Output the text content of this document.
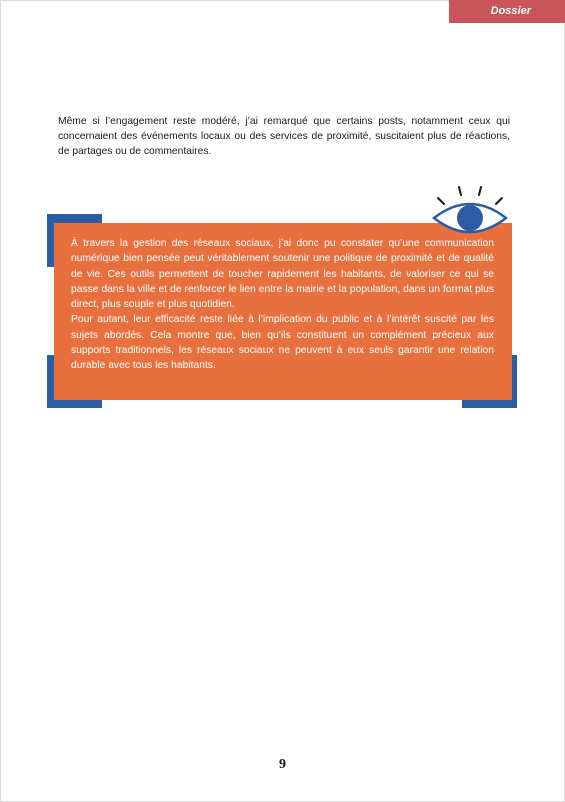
Dossier

Même si l’engagement reste modéré, j’ai remarqué que certains posts, notamment ceux qui concernaient des événements locaux ou des services de proximité, suscitaient plus de réactions, de partages ou de commentaires.

À travers la gestion des réseaux sociaux, j’ai donc pu constater qu’une communication numérique bien pensée peut véritablement soutenir une politique de proximité et de qualité de vie. Ces outils permettent de toucher rapidement les habitants, de valoriser ce qui se passe dans la ville et de renforcer le lien entre la mairie et la population, dans un format plus direct, plus souple et plus quotidien.

Pour autant, leur efficacité reste liée à l’implication du public et à l’intérêt suscité par les sujets abordés. Cela montre que, bien qu’ils constituent un complément précieux aux supports traditionnels, les réseaux sociaux ne peuvent à eux seuls garantir une relation durable avec tous les habitants.

9
